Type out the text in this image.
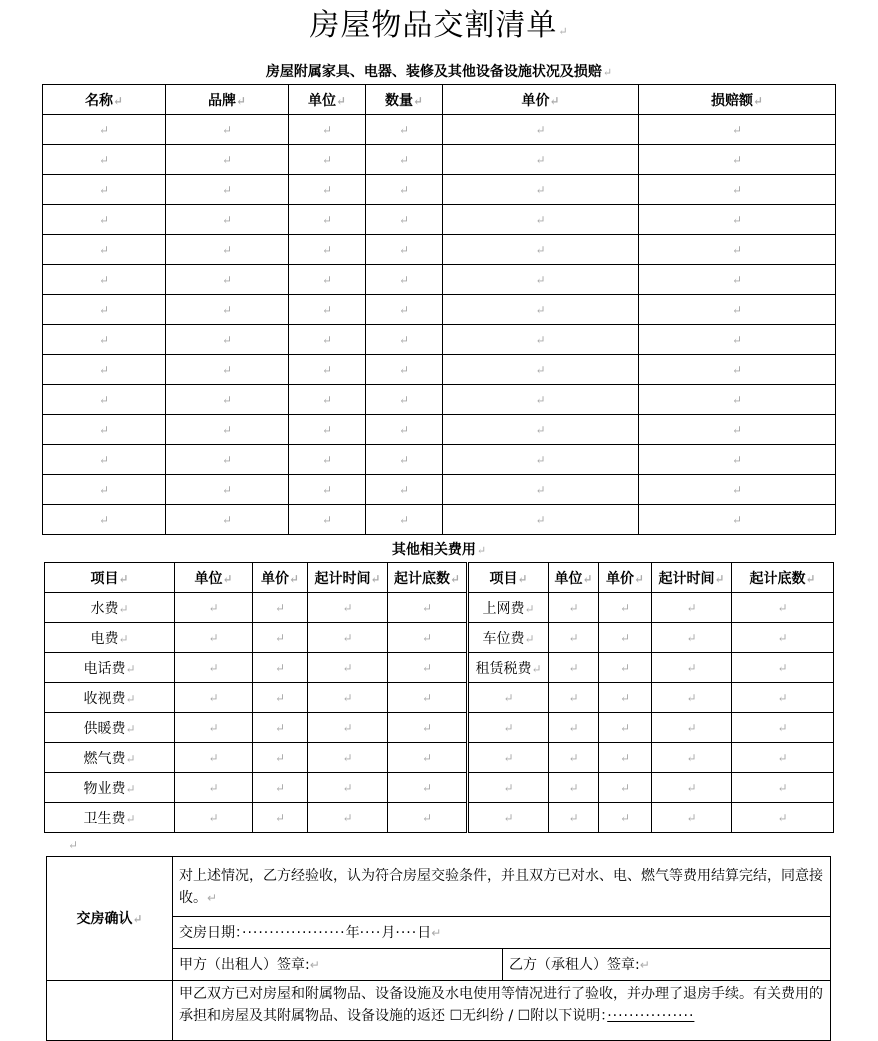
房屋物品交割清单↵
房屋附属家具、电器、装修及其他设备设施状况及损赔↵
名称↵	品牌↵	单位↵	数量↵	单价↵	损赔额↵
↵	↵	↵	↵	↵	↵
↵	↵	↵	↵	↵	↵
↵	↵	↵	↵	↵	↵
↵	↵	↵	↵	↵	↵
↵	↵	↵	↵	↵	↵
↵	↵	↵	↵	↵	↵
↵	↵	↵	↵	↵	↵
↵	↵	↵	↵	↵	↵
↵	↵	↵	↵	↵	↵
↵	↵	↵	↵	↵	↵
↵	↵	↵	↵	↵	↵
↵	↵	↵	↵	↵	↵
↵	↵	↵	↵	↵	↵
↵	↵	↵	↵	↵	↵
其他相关费用↵
项目↵	单位↵	单价↵	起计时间↵	起计底数↵	项目↵	单位↵	单价↵	起计时间↵	起计底数↵
水费↵	↵	↵	↵	↵	上网费↵	↵	↵	↵	↵
电费↵	↵	↵	↵	↵	车位费↵	↵	↵	↵	↵
电话费↵	↵	↵	↵	↵	租赁税费↵	↵	↵	↵	↵
收视费↵	↵	↵	↵	↵	↵	↵	↵	↵	↵
供暖费↵	↵	↵	↵	↵	↵	↵	↵	↵	↵
燃气费↵	↵	↵	↵	↵	↵	↵	↵	↵	↵
物业费↵	↵	↵	↵	↵	↵	↵	↵	↵	↵
卫生费↵	↵	↵	↵	↵	↵	↵	↵	↵	↵
↵
交房确认↵	对上述情况，乙方经验收，认为符合房屋交验条件，并且双方已对水、电、燃气等费用结算完结，同意接收。↵	
	交房日期：···················年····月····日↵	
	甲方（出租人）签章:↵	乙方（承租人）签章:↵
	甲乙双方已对房屋和附属物品、设备设施及水电使用等情况进行了验收，并办理了退房手续。有关费用的承担和房屋及其附属物品、设备设施的返还 ☐无纠纷 / ☐附以下说明：················	
